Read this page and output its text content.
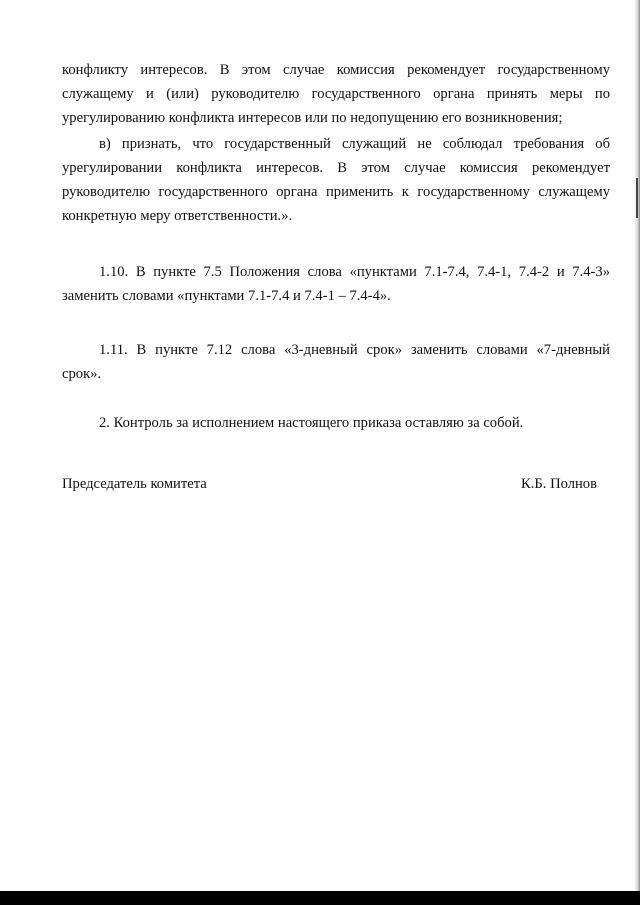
конфликту интересов. В этом случае комиссия рекомендует государственному
служащему и (или) руководителю государственного органа принять меры по
урегулированию конфликта интересов или по недопущению его возникновения;
в) признать, что государственный служащий не соблюдал требования об
урегулировании конфликта интересов. В этом случае комиссия рекомендует
руководителю государственного органа применить к государственному служащему
конкретную меру ответственности.».
1.10. В пункте 7.5 Положения слова «пунктами 7.1-7.4, 7.4-1, 7.4-2 и 7.4-3»
заменить словами «пунктами 7.1-7.4 и 7.4-1 – 7.4-4».
1.11. В пункте 7.12 слова «3-дневный срок» заменить словами «7-дневный
срок».
2. Контроль за исполнением настоящего приказа оставляю за собой.
Председатель комитета	К.Б. Полнов
